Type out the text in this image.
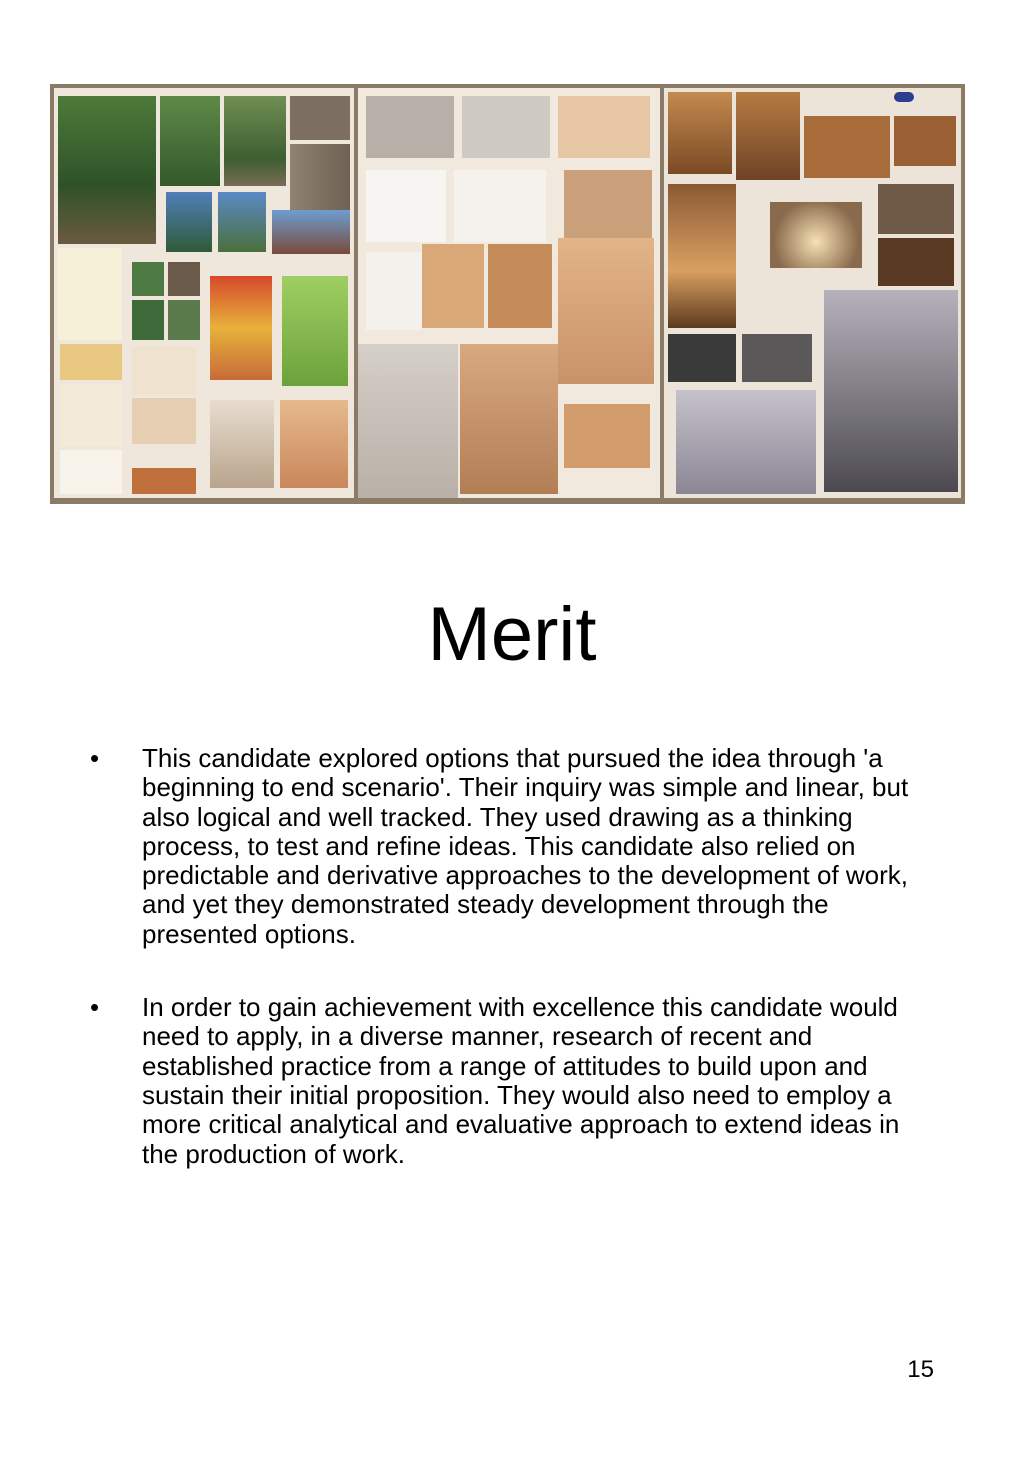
Merit
• This candidate explored options that pursued the idea through 'a beginning to end scenario'. Their inquiry was simple and linear, but also logical and well tracked. They used drawing as a thinking process, to test and refine ideas. This candidate also relied on predictable and derivative approaches to the development of work, and yet they demonstrated steady development through the presented options.
• In order to gain achievement with excellence this candidate would need to apply, in a diverse manner, research of recent and established practice from a range of attitudes to build upon and sustain their initial proposition. They would also need to employ a more critical analytical and evaluative approach to extend ideas in the production of work.
15
